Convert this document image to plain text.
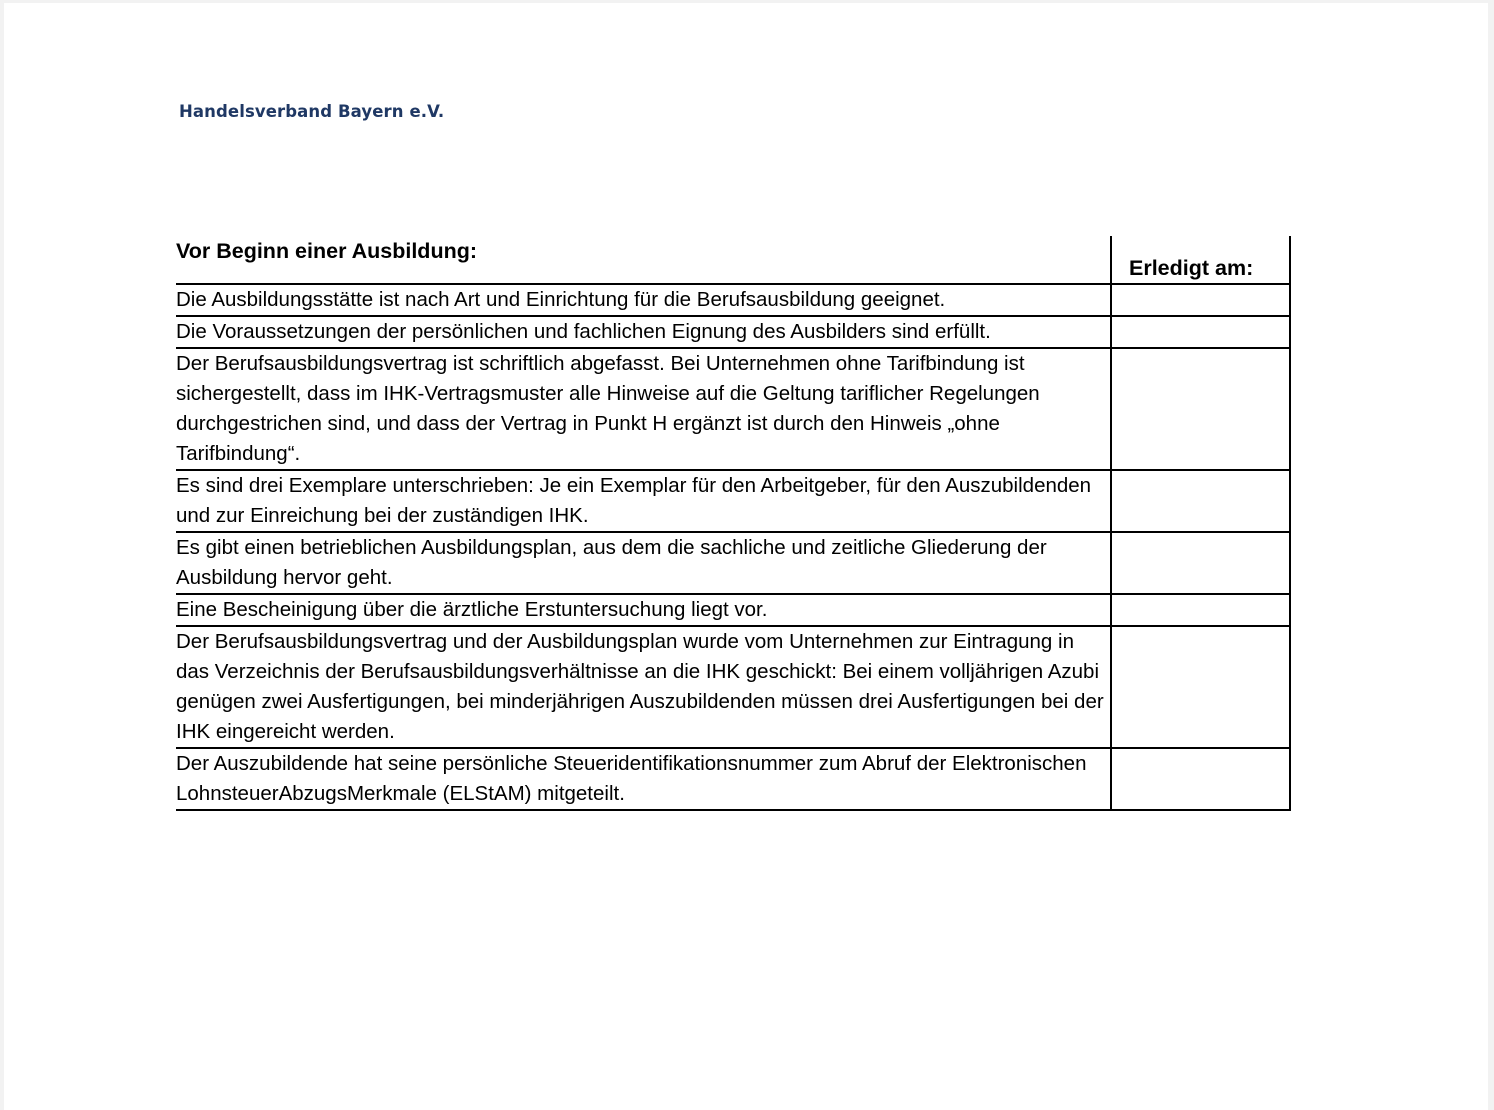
Handelsverband Bayern e.V.
Vor Beginn einer Ausbildung:	Erledigt am:

Die Ausbildungsstätte ist nach Art und Einrichtung für die Berufsausbildung geeignet.	

Die Voraussetzungen der persönlichen und fachlichen Eignung des Ausbilders sind erfüllt.	

Der Berufsausbildungsvertrag ist schriftlich abgefasst. Bei Unternehmen ohne Tarifbindung ist sichergestellt, dass im IHK-Vertragsmuster alle Hinweise auf die Geltung tariflicher Regelungen durchgestrichen sind, und dass der Vertrag in Punkt H ergänzt ist durch den Hinweis „ohne Tarifbindung“.	

Es sind drei Exemplare unterschrieben: Je ein Exemplar für den Arbeitgeber, für den Auszubildenden und zur Einreichung bei der zuständigen IHK.	

Es gibt einen betrieblichen Ausbildungsplan, aus dem die sachliche und zeitliche Gliederung der Ausbildung hervor geht.	

Eine Bescheinigung über die ärztliche Erstuntersuchung liegt vor.	

Der Berufsausbildungsvertrag und der Ausbildungsplan wurde vom Unternehmen zur Eintragung in das Verzeichnis der Berufsausbildungsverhältnisse an die IHK geschickt: Bei einem volljährigen Azubi genügen zwei Ausfertigungen, bei minderjährigen Auszubildenden müssen drei Ausfertigungen bei der IHK eingereicht werden.	

Der Auszubildende hat seine persönliche Steueridentifikationsnummer zum Abruf der Elektronischen LohnsteuerAbzugsMerkmale (ELStAM) mitgeteilt.	
